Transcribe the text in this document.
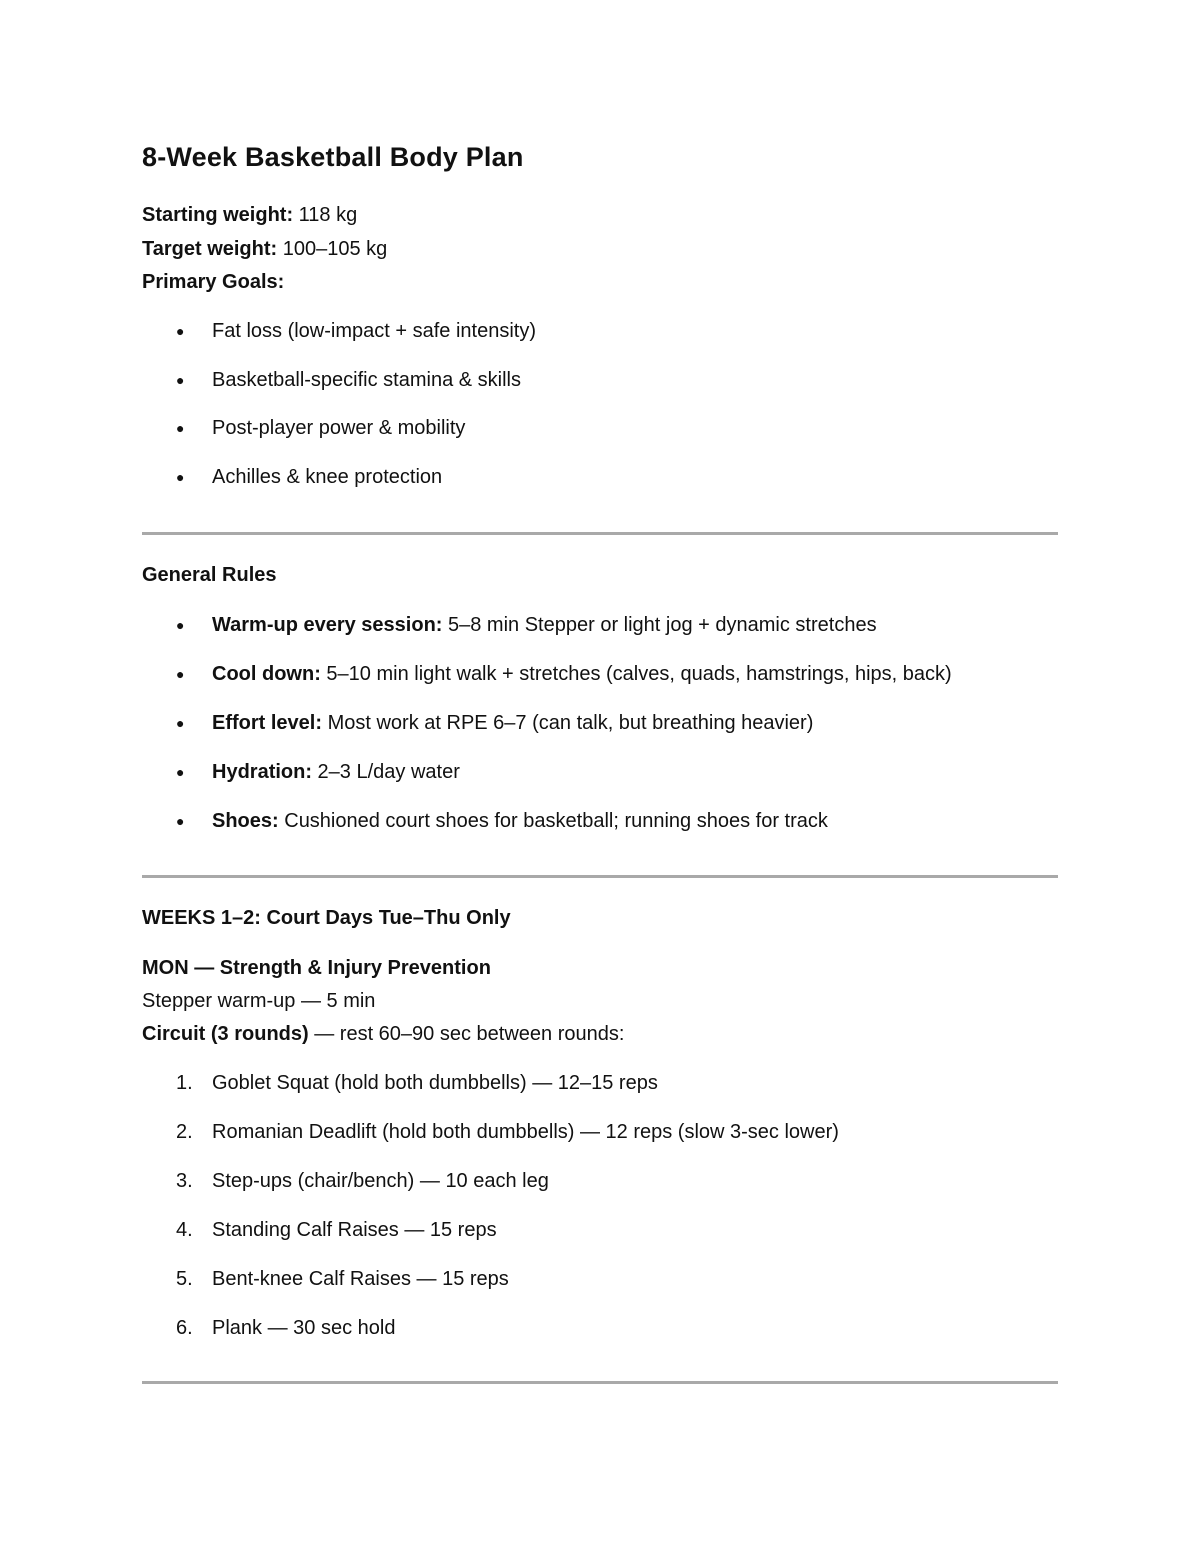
8-Week Basketball Body Plan
Starting weight: 118 kg
Target weight: 100–105 kg
Primary Goals:
●	Fat loss (low-impact + safe intensity)
●	Basketball-specific stamina & skills
●	Post-player power & mobility
●	Achilles & knee protection
General Rules
●	Warm-up every session: 5–8 min Stepper or light jog + dynamic stretches
●	Cool down: 5–10 min light walk + stretches (calves, quads, hamstrings, hips, back)
●	Effort level: Most work at RPE 6–7 (can talk, but breathing heavier)
●	Hydration: 2–3 L/day water
●	Shoes: Cushioned court shoes for basketball; running shoes for track
WEEKS 1–2: Court Days Tue–Thu Only
MON — Strength & Injury Prevention
Stepper warm-up — 5 min
Circuit (3 rounds) — rest 60–90 sec between rounds:
1. Goblet Squat (hold both dumbbells) — 12–15 reps
2. Romanian Deadlift (hold both dumbbells) — 12 reps (slow 3-sec lower)
3. Step-ups (chair/bench) — 10 each leg
4. Standing Calf Raises — 15 reps
5. Bent-knee Calf Raises — 15 reps
6. Plank — 30 sec hold
